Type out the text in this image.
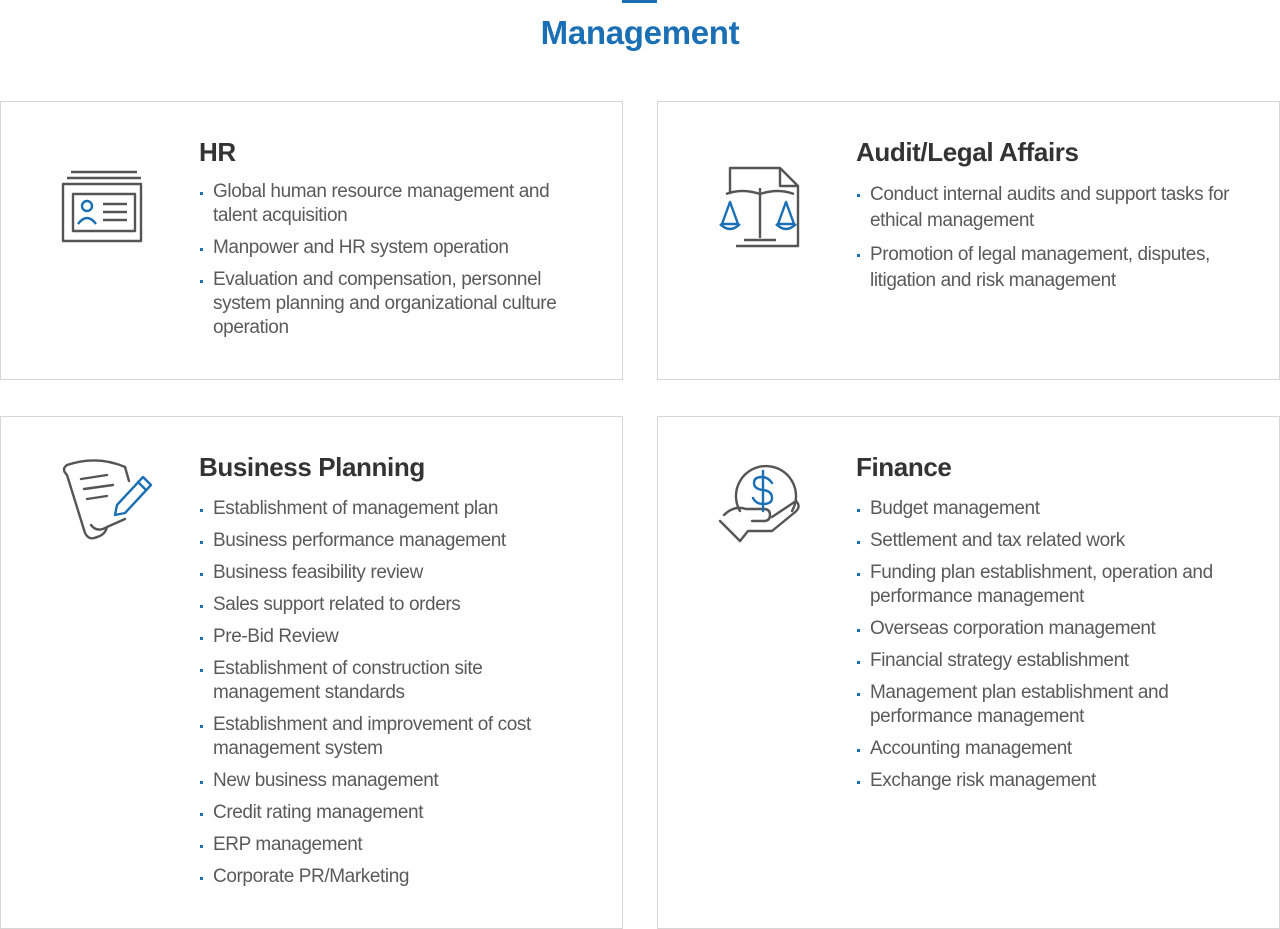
Management
HR
Global human resource management and talent acquisition
Manpower and HR system operation
Evaluation and compensation, personnel system planning and organizational culture operation
Audit/Legal Affairs
Conduct internal audits and support tasks for ethical management
Promotion of legal management, disputes, litigation and risk management
Business Planning
Establishment of management plan
Business performance management
Business feasibility review
Sales support related to orders
Pre-Bid Review
Establishment of construction site management standards
Establishment and improvement of cost management system
New business management
Credit rating management
ERP management
Corporate PR/Marketing
Finance
Budget management
Settlement and tax related work
Funding plan establishment, operation and performance management
Overseas corporation management
Financial strategy establishment
Management plan establishment and performance management
Accounting management
Exchange risk management
